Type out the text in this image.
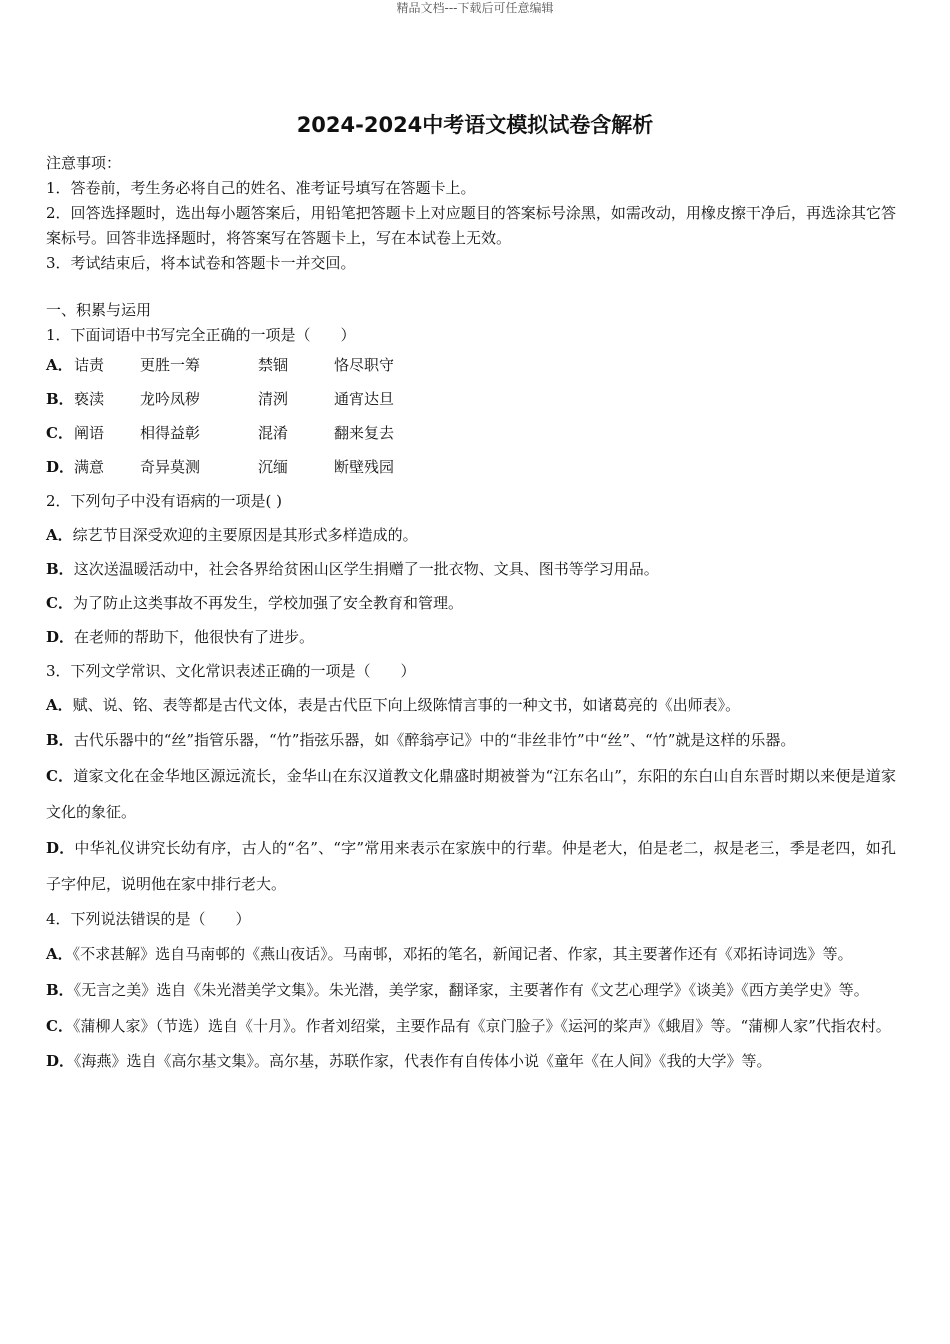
精品文档---下载后可任意编辑
2024-2024中考语文模拟试卷含解析
注意事项：
1．答卷前，考生务必将自己的姓名、准考证号填写在答题卡上。
2．回答选择题时，选出每小题答案后，用铅笔把答题卡上对应题目的答案标号涂黑，如需改动，用橡皮擦干净后，再选涂其它答案标号。回答非选择题时，将答案写在答题卡上，写在本试卷上无效。
3．考试结束后，将本试卷和答题卡一并交回。
一、积累与运用
1．下面词语中书写完全正确的一项是（　　）
A． 诘责	更胜一筹	禁锢	恪尽职守
B． 亵渎	龙吟凤秽	清洌	通宵达旦
C． 阐语	相得益彰	混淆	翻来复去
D． 满意	奇异莫测	沉缅	断壁残园
2．下列句子中没有语病的一项是( )
A．综艺节目深受欢迎的主要原因是其形式多样造成的。
B．这次送温暖活动中，社会各界给贫困山区学生捐赠了一批衣物、文具、图书等学习用品。
C．为了防止这类事故不再发生，学校加强了安全教育和管理。
D．在老师的帮助下，他很快有了进步。
3．下列文学常识、文化常识表述正确的一项是（　　）
A．赋、说、铭、表等都是古代文体，表是古代臣下向上级陈情言事的一种文书，如诸葛亮的《出师表》。
B．古代乐器中的“丝”指管乐器，“竹”指弦乐器，如《醉翁亭记》中的“非丝非竹”中“丝”、“竹”就是这样的乐器。
C．道家文化在金华地区源远流长，金华山在东汉道教文化鼎盛时期被誉为“江东名山”，东阳的东白山自东晋时期以来便是道家文化的象征。
D．中华礼仪讲究长幼有序，古人的“名”、“字”常用来表示在家族中的行辈。仲是老大，伯是老二，叔是老三，季是老四，如孔子字仲尼，说明他在家中排行老大。
4．下列说法错误的是（　　）
A．《不求甚解》选自马南邨的《燕山夜话》。马南邨，邓拓的笔名，新闻记者、作家，其主要著作还有《邓拓诗词选》等。
B．《无言之美》选自《朱光潜美学文集》。朱光潜，美学家，翻译家，主要著作有《文艺心理学》《谈美》《西方美学史》等。
C．《蒲柳人家》（节选）选自《十月》。作者刘绍棠，主要作品有《京门脸子》《运河的桨声》《蛾眉》等。“蒲柳人家”代指农村。
D．《海燕》选自《高尔基文集》。高尔基，苏联作家，代表作有自传体小说《童年《在人间》《我的大学》等。
